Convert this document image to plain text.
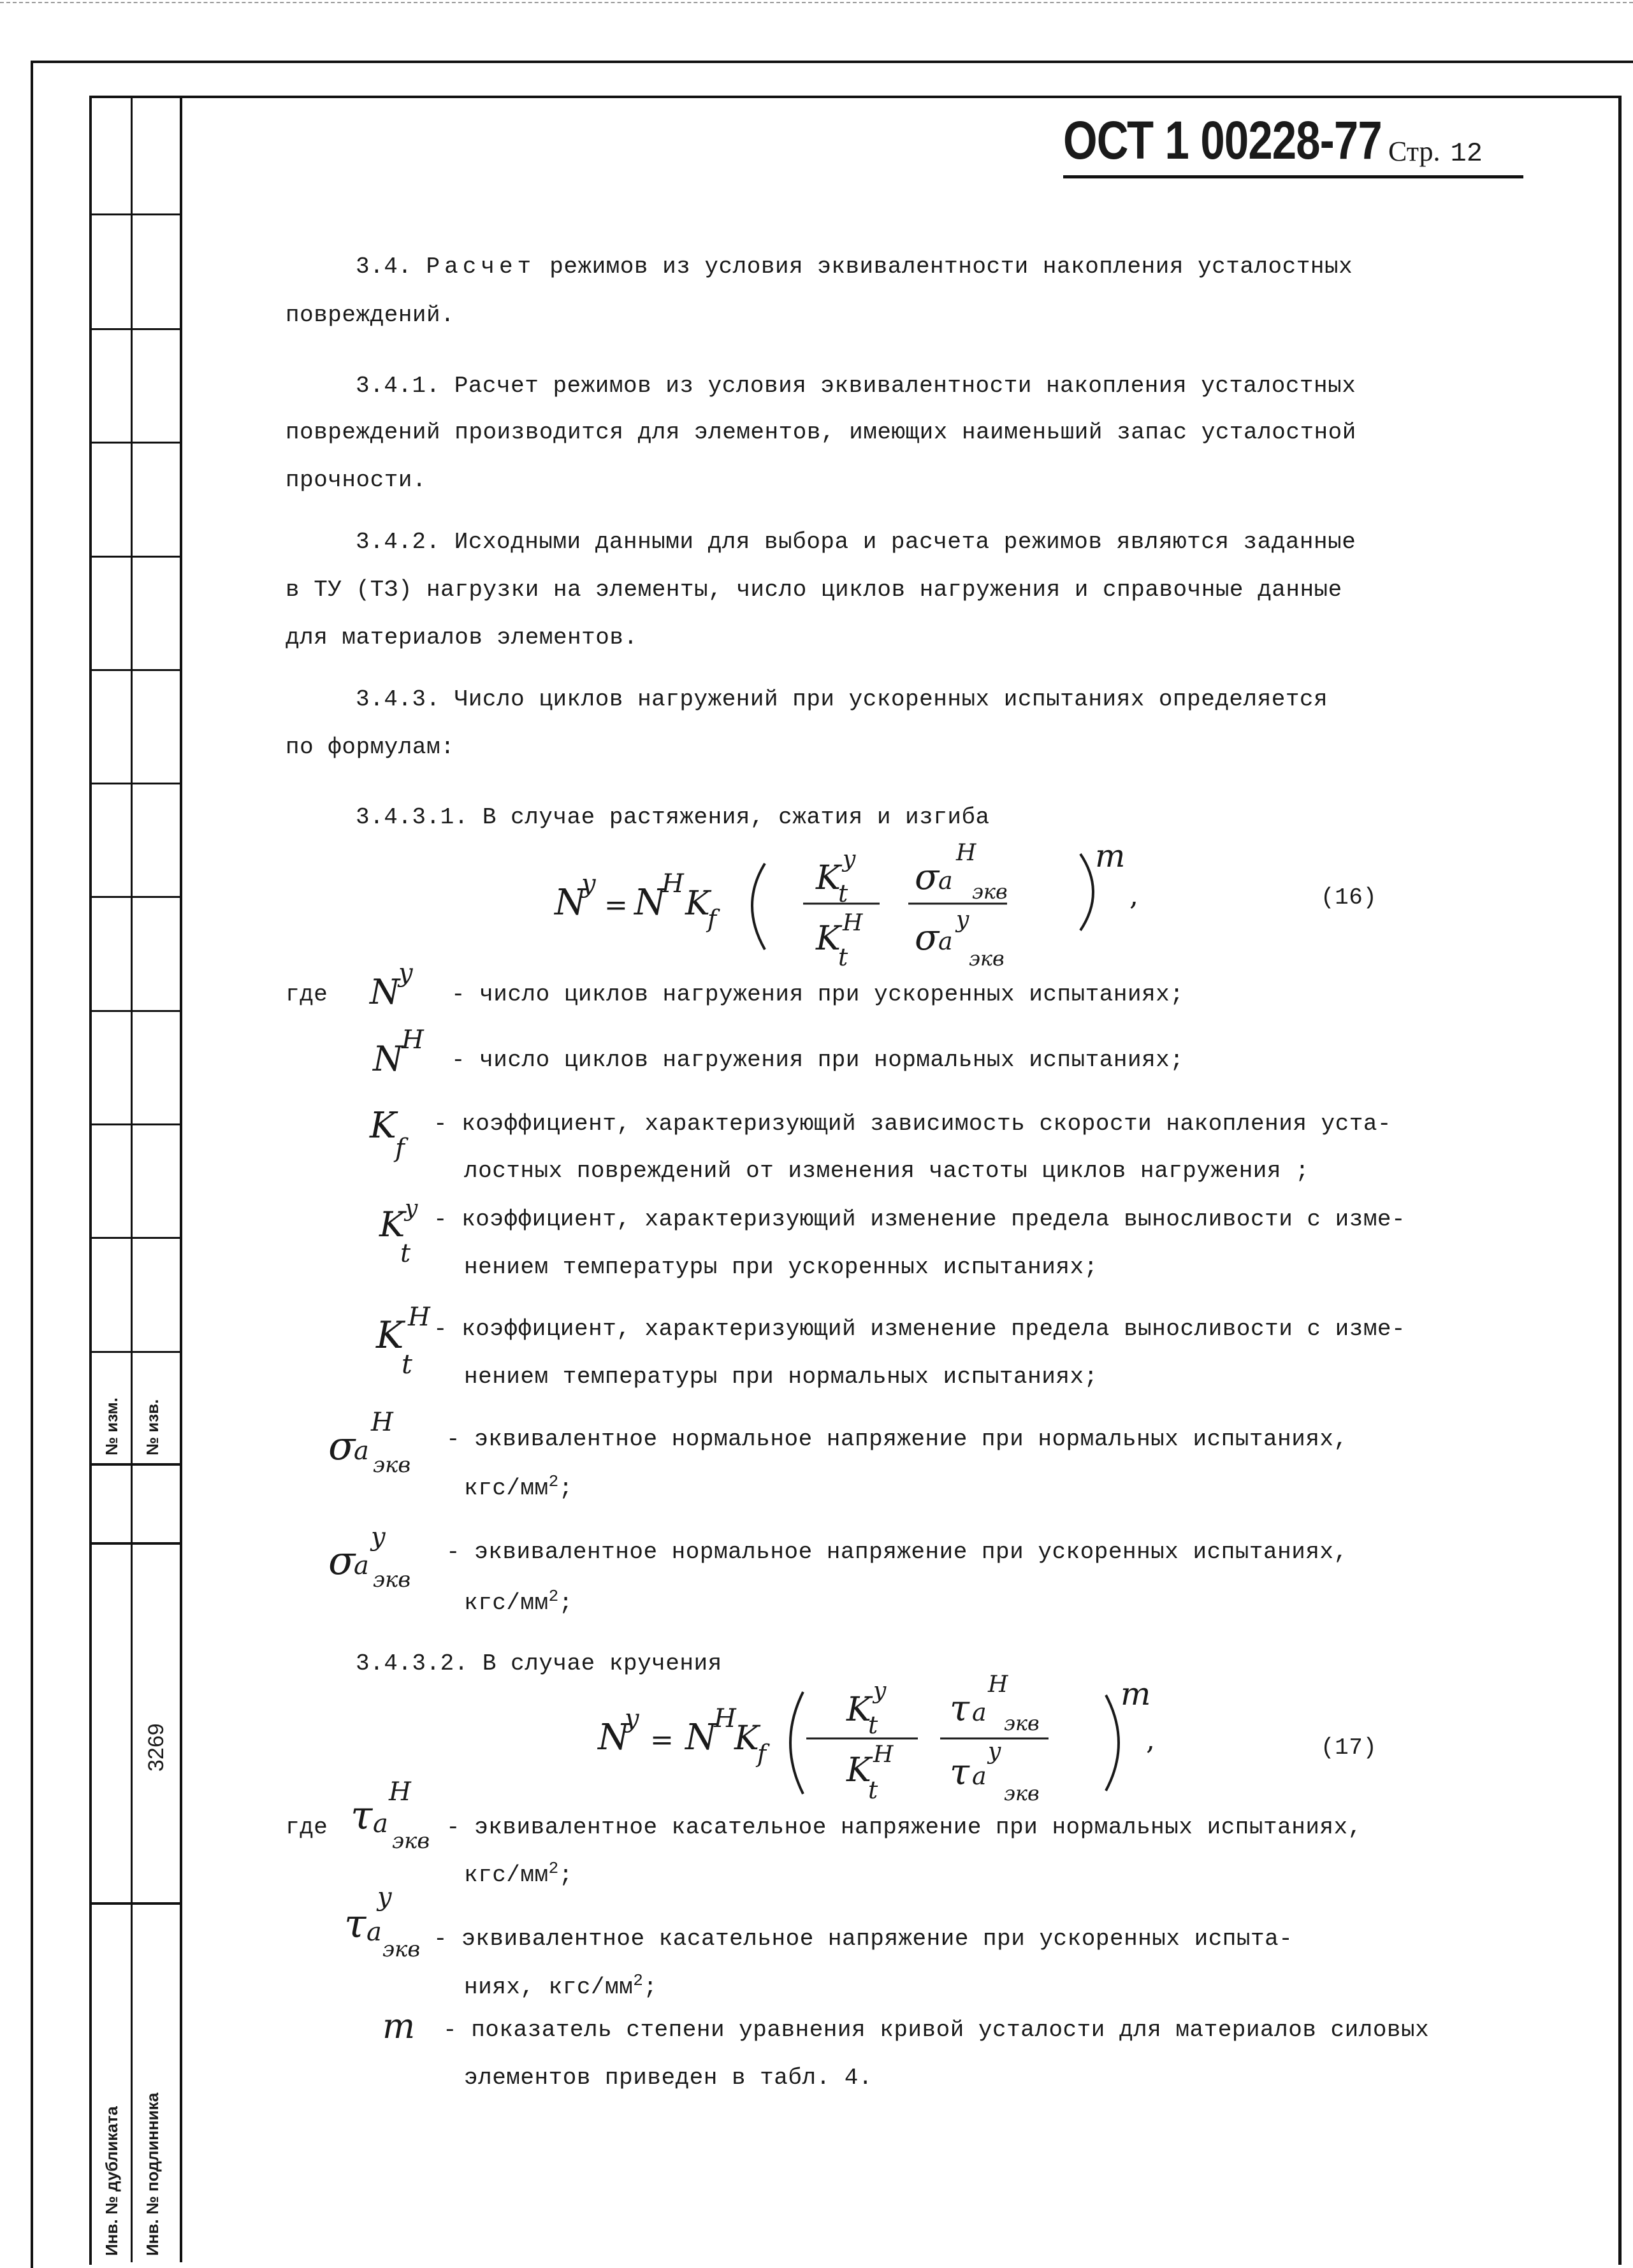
№ изм. № изв.
3269
Инв. № дубликата Инв. № подлинника
ОСТ 1 00228-77 Стр. 12
3.4. Расчет режимов из условия эквивалентности накопления усталостных
повреждений.
3.4.1. Расчет режимов из условия эквивалентности накопления усталостных
повреждений производится для элементов, имеющих наименьший запас усталостной
прочности.
3.4.2. Исходными данными для выбора и расчета режимов являются заданные
в ТУ (ТЗ) нагрузки на элементы, число циклов нагружения и справочные данные
для материалов элементов.
3.4.3. Число циклов нагружений при ускоренных испытаниях определяется
по формулам:
3.4.3.1. В случае растяжения, сжатия и изгиба
N
у
= N
Н
K
f
K
t
у
K
t
Н
σ
a
Н
экв
σ
a
у
экв
m
,	(16)
где N
у
- число циклов нагружения при ускоренных испытаниях;
N
Н
- число циклов нагружения при нормальных испытаниях;
K
f
- коэффициент, характеризующий зависимость скорости накопления уста-
лостных повреждений от изменения частоты циклов нагружения ;
K
t
у - коэффициент, характеризующий изменение предела выносливости с изме-
нением температуры при ускоренных испытаниях;
K
t
Н - коэффициент, характеризующий изменение предела выносливости с изме-
нением температуры при нормальных испытаниях;
σ
a
Н
экв
- эквивалентное нормальное напряжение при нормальных испытаниях,
кгс/$мм^2$;
σ
a
у
экв
- эквивалентное нормальное напряжение при ускоренных испытаниях,
кгс/$мм^2$;
3.4.3.2. В случае кручения
N
у
= N
Н
K
f
K
t
у
K
t
Н
τ a
Н
экв
τ a
у
экв
m
,	(17)
где τ a
Н
экв
- эквивалентное касательное напряжение при нормальных испытаниях,
кгс/$мм^2$;
τ a
у
экв - эквивалентное касательное напряжение при ускоренных испыта-
ниях, кгс/$мм^2$;
m - показатель степени уравнения кривой усталости для материалов силовых
элементов приведен в табл. 4.
